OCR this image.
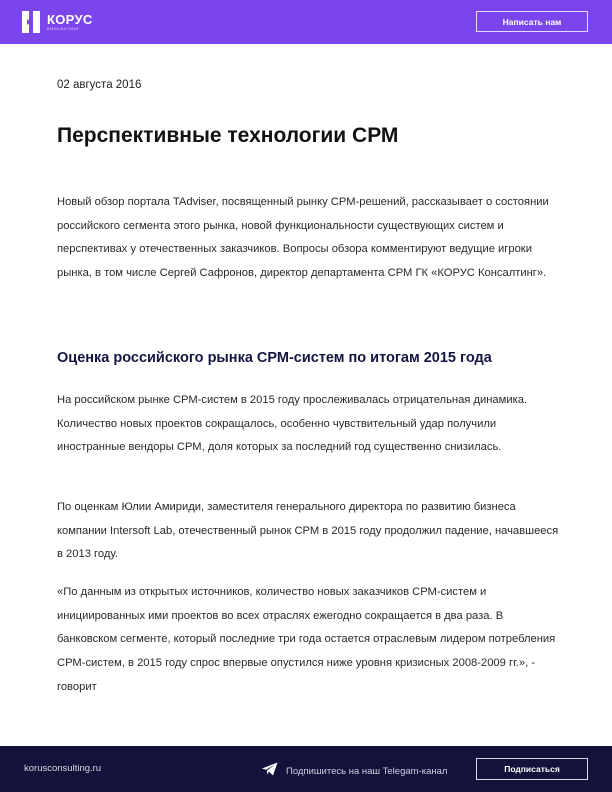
КОРУС
КОНСАЛТИНГ
Написать нам
02 августа 2016
Перспективные технологии СРМ

Новый обзор портала TAdviser, посвященный рынку СРМ-решений, рассказывает о состоянии российского сегмента этого рынка, новой функциональности существующих систем и перспективах у отечественных заказчиков. Вопросы обзора комментируют ведущие игроки рынка, в том числе Сергей Сафронов, директор департамента СРМ ГК «КОРУС Консалтинг».

Оценка российского рынка СРМ-систем по итогам 2015 года

На российском рынке СРМ-систем в 2015 году прослеживалась отрицательная динамика. Количество новых проектов сокращалось, особенно чувствительный удар получили иностранные вендоры СРМ, доля которых за последний год существенно снизилась.

По оценкам Юлии Амириди, заместителя генерального директора по развитию бизнеса компании Intersoft Lab, отечественный рынок СРМ в 2015 году продолжил падение, начавшееся в 2013 году.

«По данным из открытых источников, количество новых заказчиков СРМ-систем и инициированных ими проектов во всех отраслях ежегодно сокращается в два раза. В банковском сегменте, который последние три года остается отраслевым лидером потребления СРМ-систем, в 2015 году спрос впервые опустился ниже уровня кризисных 2008-2009 гг.», - говорит

korusconsulting.ru	Подпишитесь на наш Telegam-канал	Подписаться
